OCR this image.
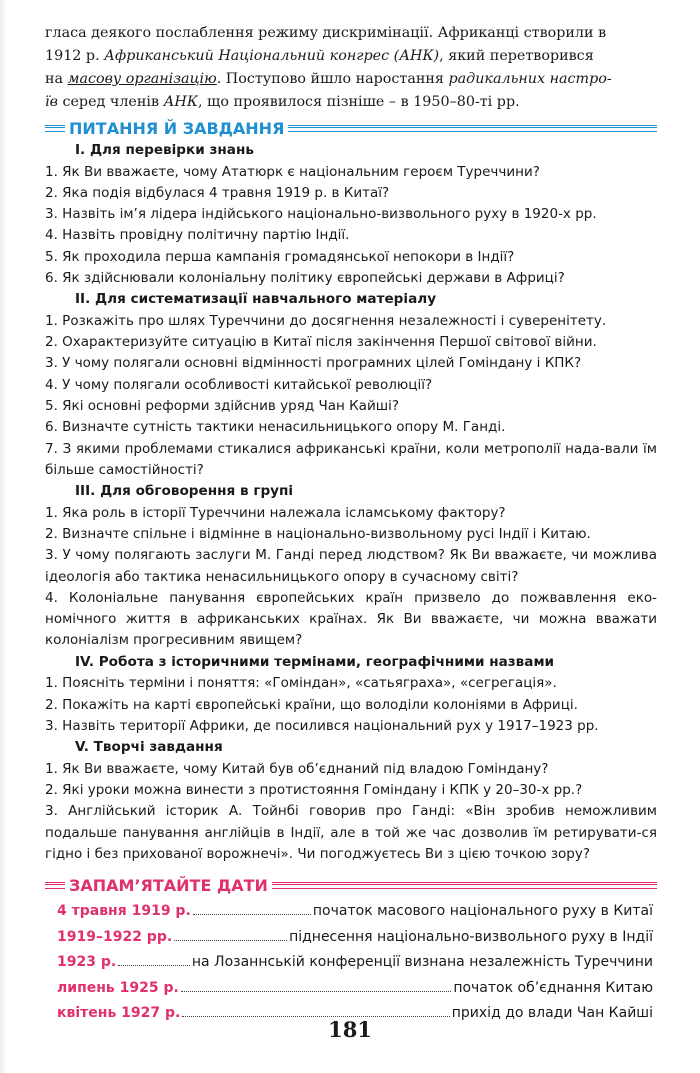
гласа деякого послаблення режиму дискримінації. Африканці створили в
1912 р. Африканський Національний конгрес (АНК), який перетворився
на масову організацію. Поступово йшло наростання радикальних настро-
їв серед членів АНК, що проявилося пізніше – в 1950–80-ті рр.

ПИТАННЯ Й ЗАВДАННЯ
І. Для перевірки знань
1. Як Ви вважаєте, чому Ататюрк є національним героєм Туреччини?
2. Яка подія відбулася 4 травня 1919 р. в Китаї?
3. Назвіть ім’я лідера індійського національно-визвольного руху в 1920-х рр.
4. Назвіть провідну політичну партію Індії.
5. Як проходила перша кампанія громадянської непокори в Індії?
6. Як здійснювали колоніальну політику європейські держави в Африці?
ІІ. Для систематизації навчального матеріалу
1. Розкажіть про шлях Туреччини до досягнення незалежності і суверенітету.
2. Охарактеризуйте ситуацію в Китаї після закінчення Першої світової війни.
3. У чому полягали основні відмінності програмних цілей Гоміндану і КПК?
4. У чому полягали особливості китайської революції?
5. Які основні реформи здійснив уряд Чан Кайші?
6. Визначте сутність тактики ненасильницького опору М. Ганді.
7. З якими проблемами стикалися африканські країни, коли метрополії нада-вали їм більше самостійності?
ІІІ. Для обговорення в групі
1. Яка роль в історії Туреччини належала ісламському фактору?
2. Визначте спільне і відмінне в національно-визвольному русі Індії і Китаю.
3. У чому полягають заслуги М. Ганді перед людством? Як Ви вважаєте, чи можлива ідеологія або тактика ненасильницького опору в сучасному світі?
4. Колоніальне панування європейських країн призвело до пожвавлення еко-номічного життя в африканських країнах. Як Ви вважаєте, чи можна вважати колоніалізм прогресивним явищем?
IV. Робота з історичними термінами, географічними назвами
1. Поясніть терміни і поняття: «Гоміндан», «сатьяграха», «сегрегація».
2. Покажіть на карті європейські країни, що володіли колоніями в Африці.
3. Назвіть території Африки, де посилився національний рух у 1917–1923 рр.
V. Творчі завдання
1. Як Ви вважаєте, чому Китай був об’єднаний під владою Гоміндану?
2. Які уроки можна винести з протистояння Гоміндану і КПК у 20–30-х рр.?
3. Англійський історик А. Тойнбі говорив про Ганді: «Він зробив неможливим подальше панування англійців в Індії, але в той же час дозволив їм ретирувати-ся гідно і без прихованої ворожнечі». Чи погоджуєтесь Ви з цією точкою зору?
ЗАПАМ’ЯТАЙТЕ ДАТИ
4 травня 1919 р.	початок масового національного руху в Китаї
1919–1922 рр.	піднесення національно-визвольного руху в Індії
1923 р.	на Лозаннській конференції визнана незалежність Туреччини
липень 1925 р.	початок об’єднання Китаю
квітень 1927 р.	прихід до влади Чан Кайші
181
